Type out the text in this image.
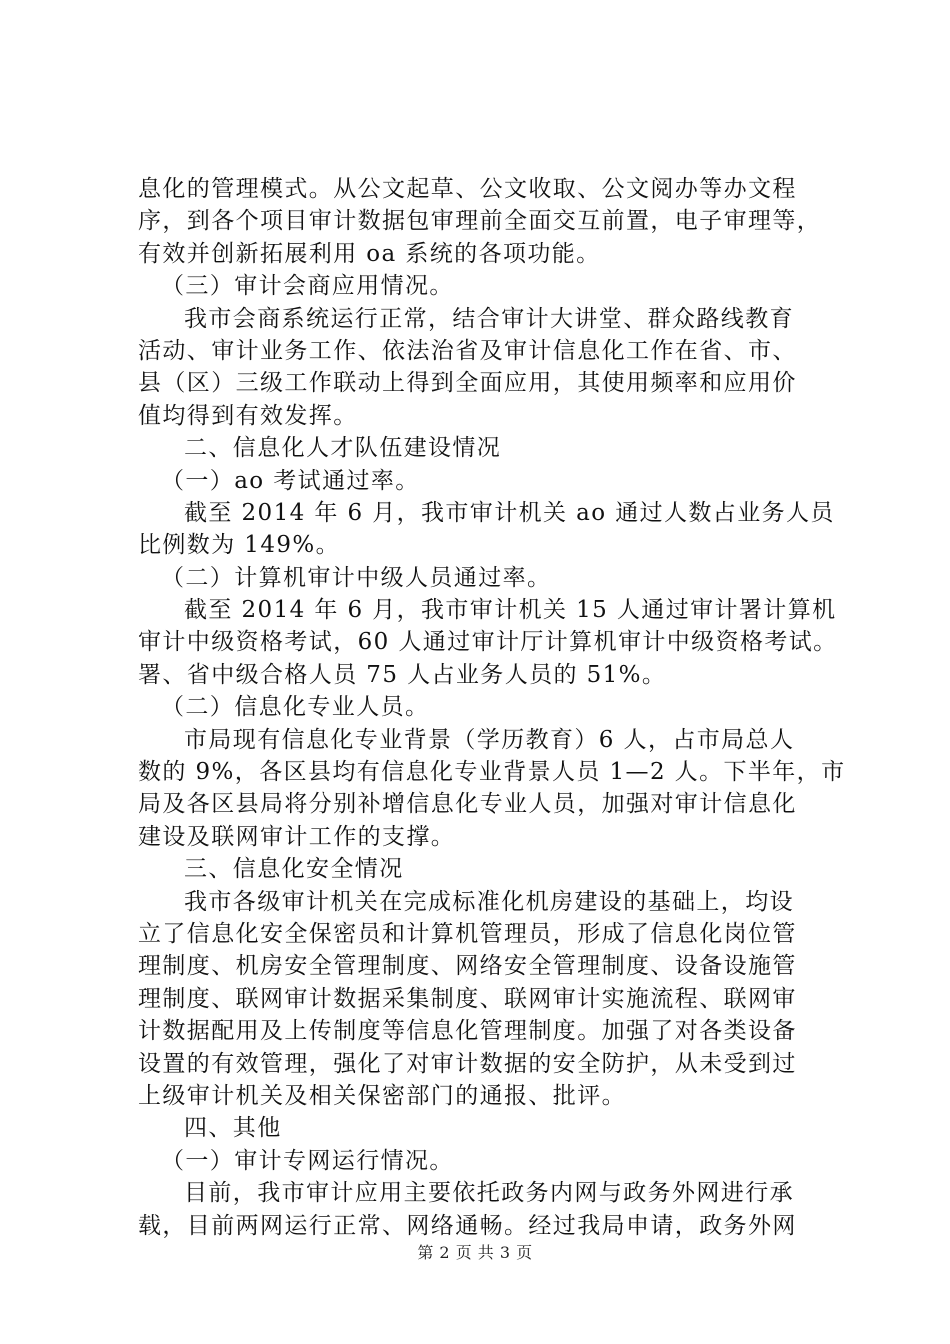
息化的管理模式。从公文起草、公文收取、公文阅办等办文程
序，到各个项目审计数据包审理前全面交互前置，电子审理等，
有效并创新拓展利用 oa 系统的各项功能。
（三）审计会商应用情况。
我市会商系统运行正常，结合审计大讲堂、群众路线教育
活动、审计业务工作、依法治省及审计信息化工作在省、市、
县（区）三级工作联动上得到全面应用，其使用频率和应用价
值均得到有效发挥。
二、信息化人才队伍建设情况
（一）ao 考试通过率。
截至 2014 年 6 月，我市审计机关 ao 通过人数占业务人员
比例数为 149%。
（二）计算机审计中级人员通过率。
截至 2014 年 6 月，我市审计机关 15 人通过审计署计算机
审计中级资格考试，60 人通过审计厅计算机审计中级资格考试。
署、省中级合格人员 75 人占业务人员的 51%。
（二）信息化专业人员。
市局现有信息化专业背景（学历教育）6 人，占市局总人
数的 9%，各区县均有信息化专业背景人员 1—2 人。下半年，市
局及各区县局将分别补增信息化专业人员，加强对审计信息化
建设及联网审计工作的支撑。
三、信息化安全情况
我市各级审计机关在完成标准化机房建设的基础上，均设
立了信息化安全保密员和计算机管理员，形成了信息化岗位管
理制度、机房安全管理制度、网络安全管理制度、设备设施管
理制度、联网审计数据采集制度、联网审计实施流程、联网审
计数据配用及上传制度等信息化管理制度。加强了对各类设备
设置的有效管理，强化了对审计数据的安全防护，从未受到过
上级审计机关及相关保密部门的通报、批评。
四、其他
（一）审计专网运行情况。
目前，我市审计应用主要依托政务内网与政务外网进行承
载，目前两网运行正常、网络通畅。经过我局申请，政务外网
第 2 页 共 3 页
